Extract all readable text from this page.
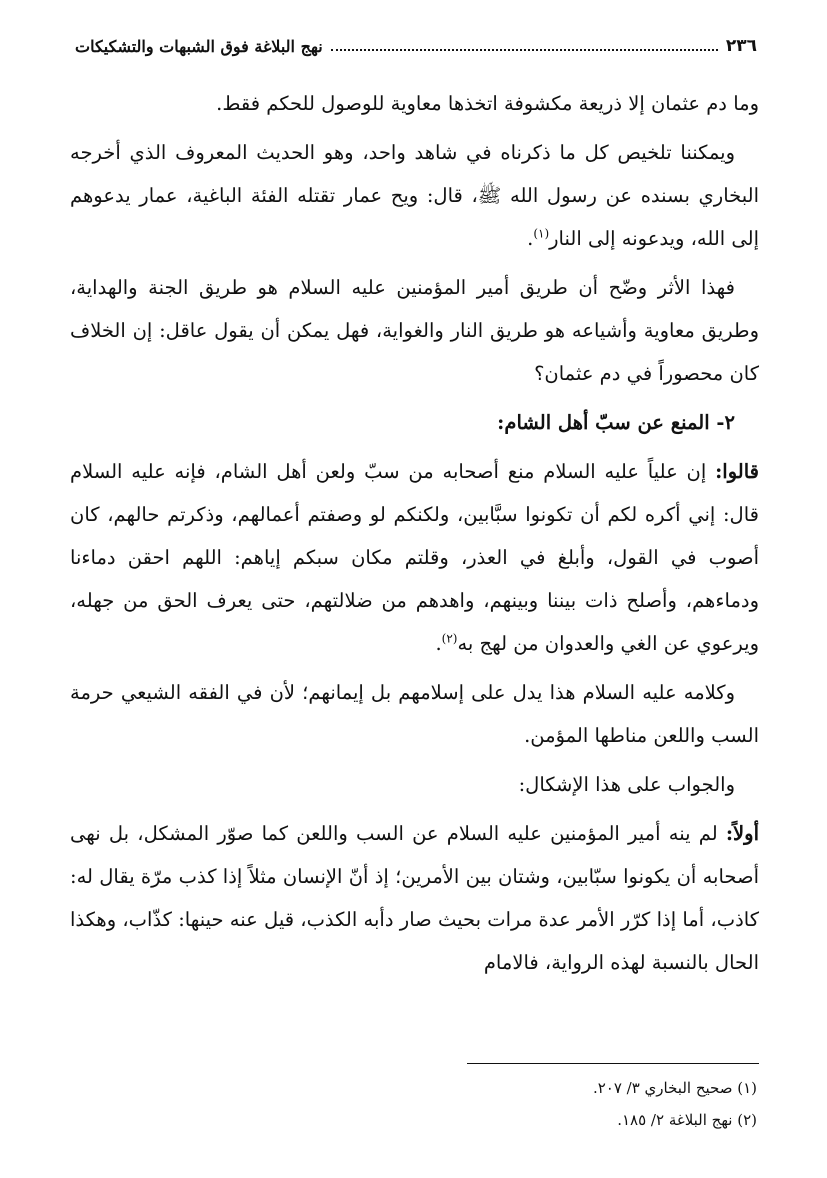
٢٣٦
نهج البلاغة فوق الشبهات والتشكيكات

وما دم عثمان إلا ذريعة مكشوفة اتخذها معاوية للوصول للحكم فقط.

ويمكننا تلخيص كل ما ذكرناه في شاهد واحد، وهو الحديث المعروف الذي أخرجه البخاري بسنده عن رسول الله ﷺ، قال: ويح عمار تقتله الفئة الباغية، عمار يدعوهم إلى الله، ويدعونه إلى النار$^{(١)}$.

فهذا الأثر وضّح أن طريق أمير المؤمنين عليه السلام هو طريق الجنة والهداية، وطريق معاوية وأشياعه هو طريق النار والغواية، فهل يمكن أن يقول عاقل: إن الخلاف كان محصوراً في دم عثمان؟

٢- المنع عن سبّ أهل الشام:

قالوا: إن علياً عليه السلام منع أصحابه من سبّ ولعن أهل الشام، فإنه عليه السلام قال: إني أكره لكم أن تكونوا سبَّابين، ولكنكم لو وصفتم أعمالهم، وذكرتم حالهم، كان أصوب في القول، وأبلغ في العذر، وقلتم مكان سبكم إياهم: اللهم احقن دماءنا ودماءهم، وأصلح ذات بيننا وبينهم، واهدهم من ضلالتهم، حتى يعرف الحق من جهله، ويرعوي عن الغي والعدوان من لهج به$^{(٢)}$.

وكلامه عليه السلام هذا يدل على إسلامهم بل إيمانهم؛ لأن في الفقه الشيعي حرمة السب واللعن مناطها المؤمن.

والجواب على هذا الإشكال:

أولاً: لم ينه أمير المؤمنين عليه السلام عن السب واللعن كما صوّر المشكل، بل نهى أصحابه أن يكونوا سبّابين، وشتان بين الأمرين؛ إذ أنّ الإنسان مثلاً إذا كذب مرّة يقال له: كاذب، أما إذا كرّر الأمر عدة مرات بحيث صار دأبه الكذب، قيل عنه حينها: كذّاب، وهكذا الحال بالنسبة لهذه الرواية، فالامام

(١) صحيح البخاري ٣/ ٢٠٧.
(٢) نهج البلاغة ٢/ ١٨٥.
